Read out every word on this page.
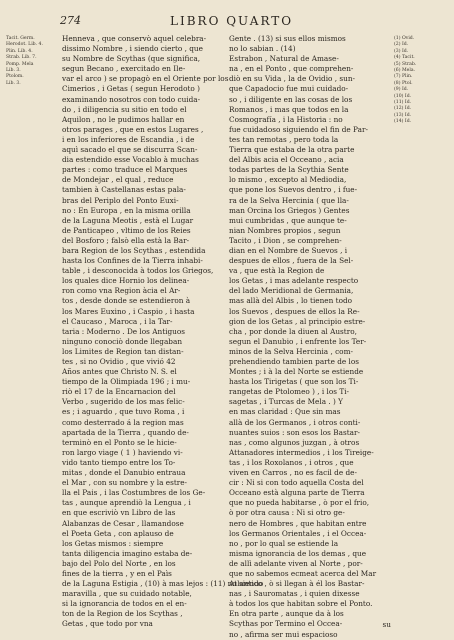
274	LIBRO QUARTO

Tacit. Germ.

Herodot. Lib. 4.

Plin. Lib. 4.

Strab. Lib. 7.

Pomp. Mela

Lib. 3.

Ptolom.

Lib. 3.

Henneva , que conservò aquel celebra-

dissimo Nombre , i siendo cierto , que

su Nombre de Scythas (que significa,

segun Becano , exercitado en Ile-

var el arco ) se propagò en el Oriente por los

Cimerios , i Getas ( segun Herodoto )

examinando nosotros con todo cuida-

do , i diligencia su sitio en todo el

Aquilon , no le pudimos hallar en

otros parages , que en estos Lugares ,

i en los inferiores de Escandia , i de

aquì sacado el que se discurra Scan-

dia estendido esse Vocablo à muchas

partes : como traduce el Marques

de Mondejar , el qual , reduce

tambien à Castellanas estas pala-

bras del Periplo del Ponto Euxi-

no : En Europa , en la misma orilla

de la Laguna Meotis , està el Lugar

de Panticapeo , vltimo de los Reies

del Bosforo ; falsò ella està la Bar-

bara Region de los Scythas , estendida

hasta los Confines de la Tierra inhabi-

table , i desconocida à todos los Griegos,

los quales dice Hornio los delinea-

ron como vna Region àcia el Ar-

tos , desde donde se estendieron à

los Mares Euxino , i Caspio , i hasta

el Caucaso , Maroca , i la Tar-

taria : Moderno . De los Antiguos

ninguno conociò donde llegaban

los Limites de Region tan distan-

tes , si no Ovidio , que vivió 42

Años antes que Christo N. S. el

tiempo de la Olimpiada 196 ; i mu-

riò el 17 de la Encarnacion del

Verbo , sugerido de los mas felic-

es ; i aguardo , que tuvo Roma , i

como desterrado á la region mas

apartada de la Tierra , quando de-

terminò en el Ponto se le hicie-

ron largo viage ( 1 ) haviendo vi-

vido tanto tiempo entre los To-

mitas , donde el Danubio entraua

el Mar , con su nombre y la estre-

lla el Pais , i las Costumbres de los Ge-

tas , aunque aprendiò la Lengua , i

en que escriviò vn Libro de las

Alabanzas de Cesar , llamandose

el Poeta Geta , con aplauso de

los Getas mismos : siempre

tanta diligencia imagino estaba de-

bajo del Polo del Norte , en los

fines de la tierra , y en el Paìs

de la Laguna Estigia , (10) à mas lejos : (11) no siendo

maravilla , que su cuidado notable,

si la ignorancia de todos en el en-

ton de la Region de los Scythas ,

Getas , que todo por vna

Gente . (13) si sus ellos mismos

no lo sabian . (14)

Estrabon , Natural de Amase-

na , en el Ponto , que comprehen-

diò en su Vida , la de Ovidio , sun-

que Capadocio fue mui cuidado-

so , i diligente en las cosas de los

Romanos , i mas que todos en la

Cosmografía , i la Historia : no

fue cuidadoso siguiendo el fin de Par-

tes tan remotas , pero toda la

Tierra que estaba de la otra parte

del Albis acia el Occeano , acia

todas partes de la Scythia Sente

lo mismo , excepto al Mediodia,

que pone los Suevos dentro , i fue-

ra de la Selva Hercinia ( que lla-

man Orcina los Griegos ) Gentes

mui cumbridas , que aunque te-

nian Nombres propios , segun

Tacito , i Dion , se comprehen-

dian en el Nombre de Suevos , i

despues de ellos , fuera de la Sel-

va , que està la Region de

los Getas , i mas adelante respecto

del lado Meridional de Germania,

mas allà del Albis , lo tienen todo

los Suevos , despues de ellos la Re-

gion de los Getas , al principio estre-

cha , por donde la diuen al Austro,

segun el Danubio , i enfrente los Ter-

minos de la Selva Hercinia , com-

prehendiendo tambien parte de los

Montes ; i à la del Norte se estiende

hasta los Tirigetas ( que son los Ti-

rangetas de Ptolomeo ) , i los Ti-

sagetas , i Turcas de Mela . ) Y

en mas claridad : Que sin mas

allà de los Germanos , i otros conti-

nuantes suios : son esos los Bastar-

nas , como algunos juzgan , à otros

Attanadores intermedios , i los Tireige-

tas , i los Roxolanos , i otros , que

viven en Carros , no es facil de de-

cir : Ni si con todo aquella Costa del

Occeano està alguna parte de Tierra

que no pueda habitarse , ò por el frio,

ò por otra causa : Ni si otro ge-

nero de Hombres , que habitan entre

los Germanos Orientales , i el Occea-

no , por lo qual se estiende la

misma ignorancia de los demas , que

de allì adelante viven al Norte , por-

que no sabemos ecmeat acerca del Mar

Atlantico , ò si llegan à él los Bastar-

nas , i Sauromatas , i quien dixesse

à todos los que habitan sobre el Ponto.

En otra parte , aunque da à los

Scythas por Termino el Occea-

no , afirma ser mui espacioso

su

(1) Ovid.

(2) Id.

(3) Id.

(4) Tacit.

(5) Strab.

(6) Mela.

(7) Plin.

(8) Ptol.

(9) Id.

(10) Id.

(11) Id.

(12) Id.

(13) Id.

(14) Id.
